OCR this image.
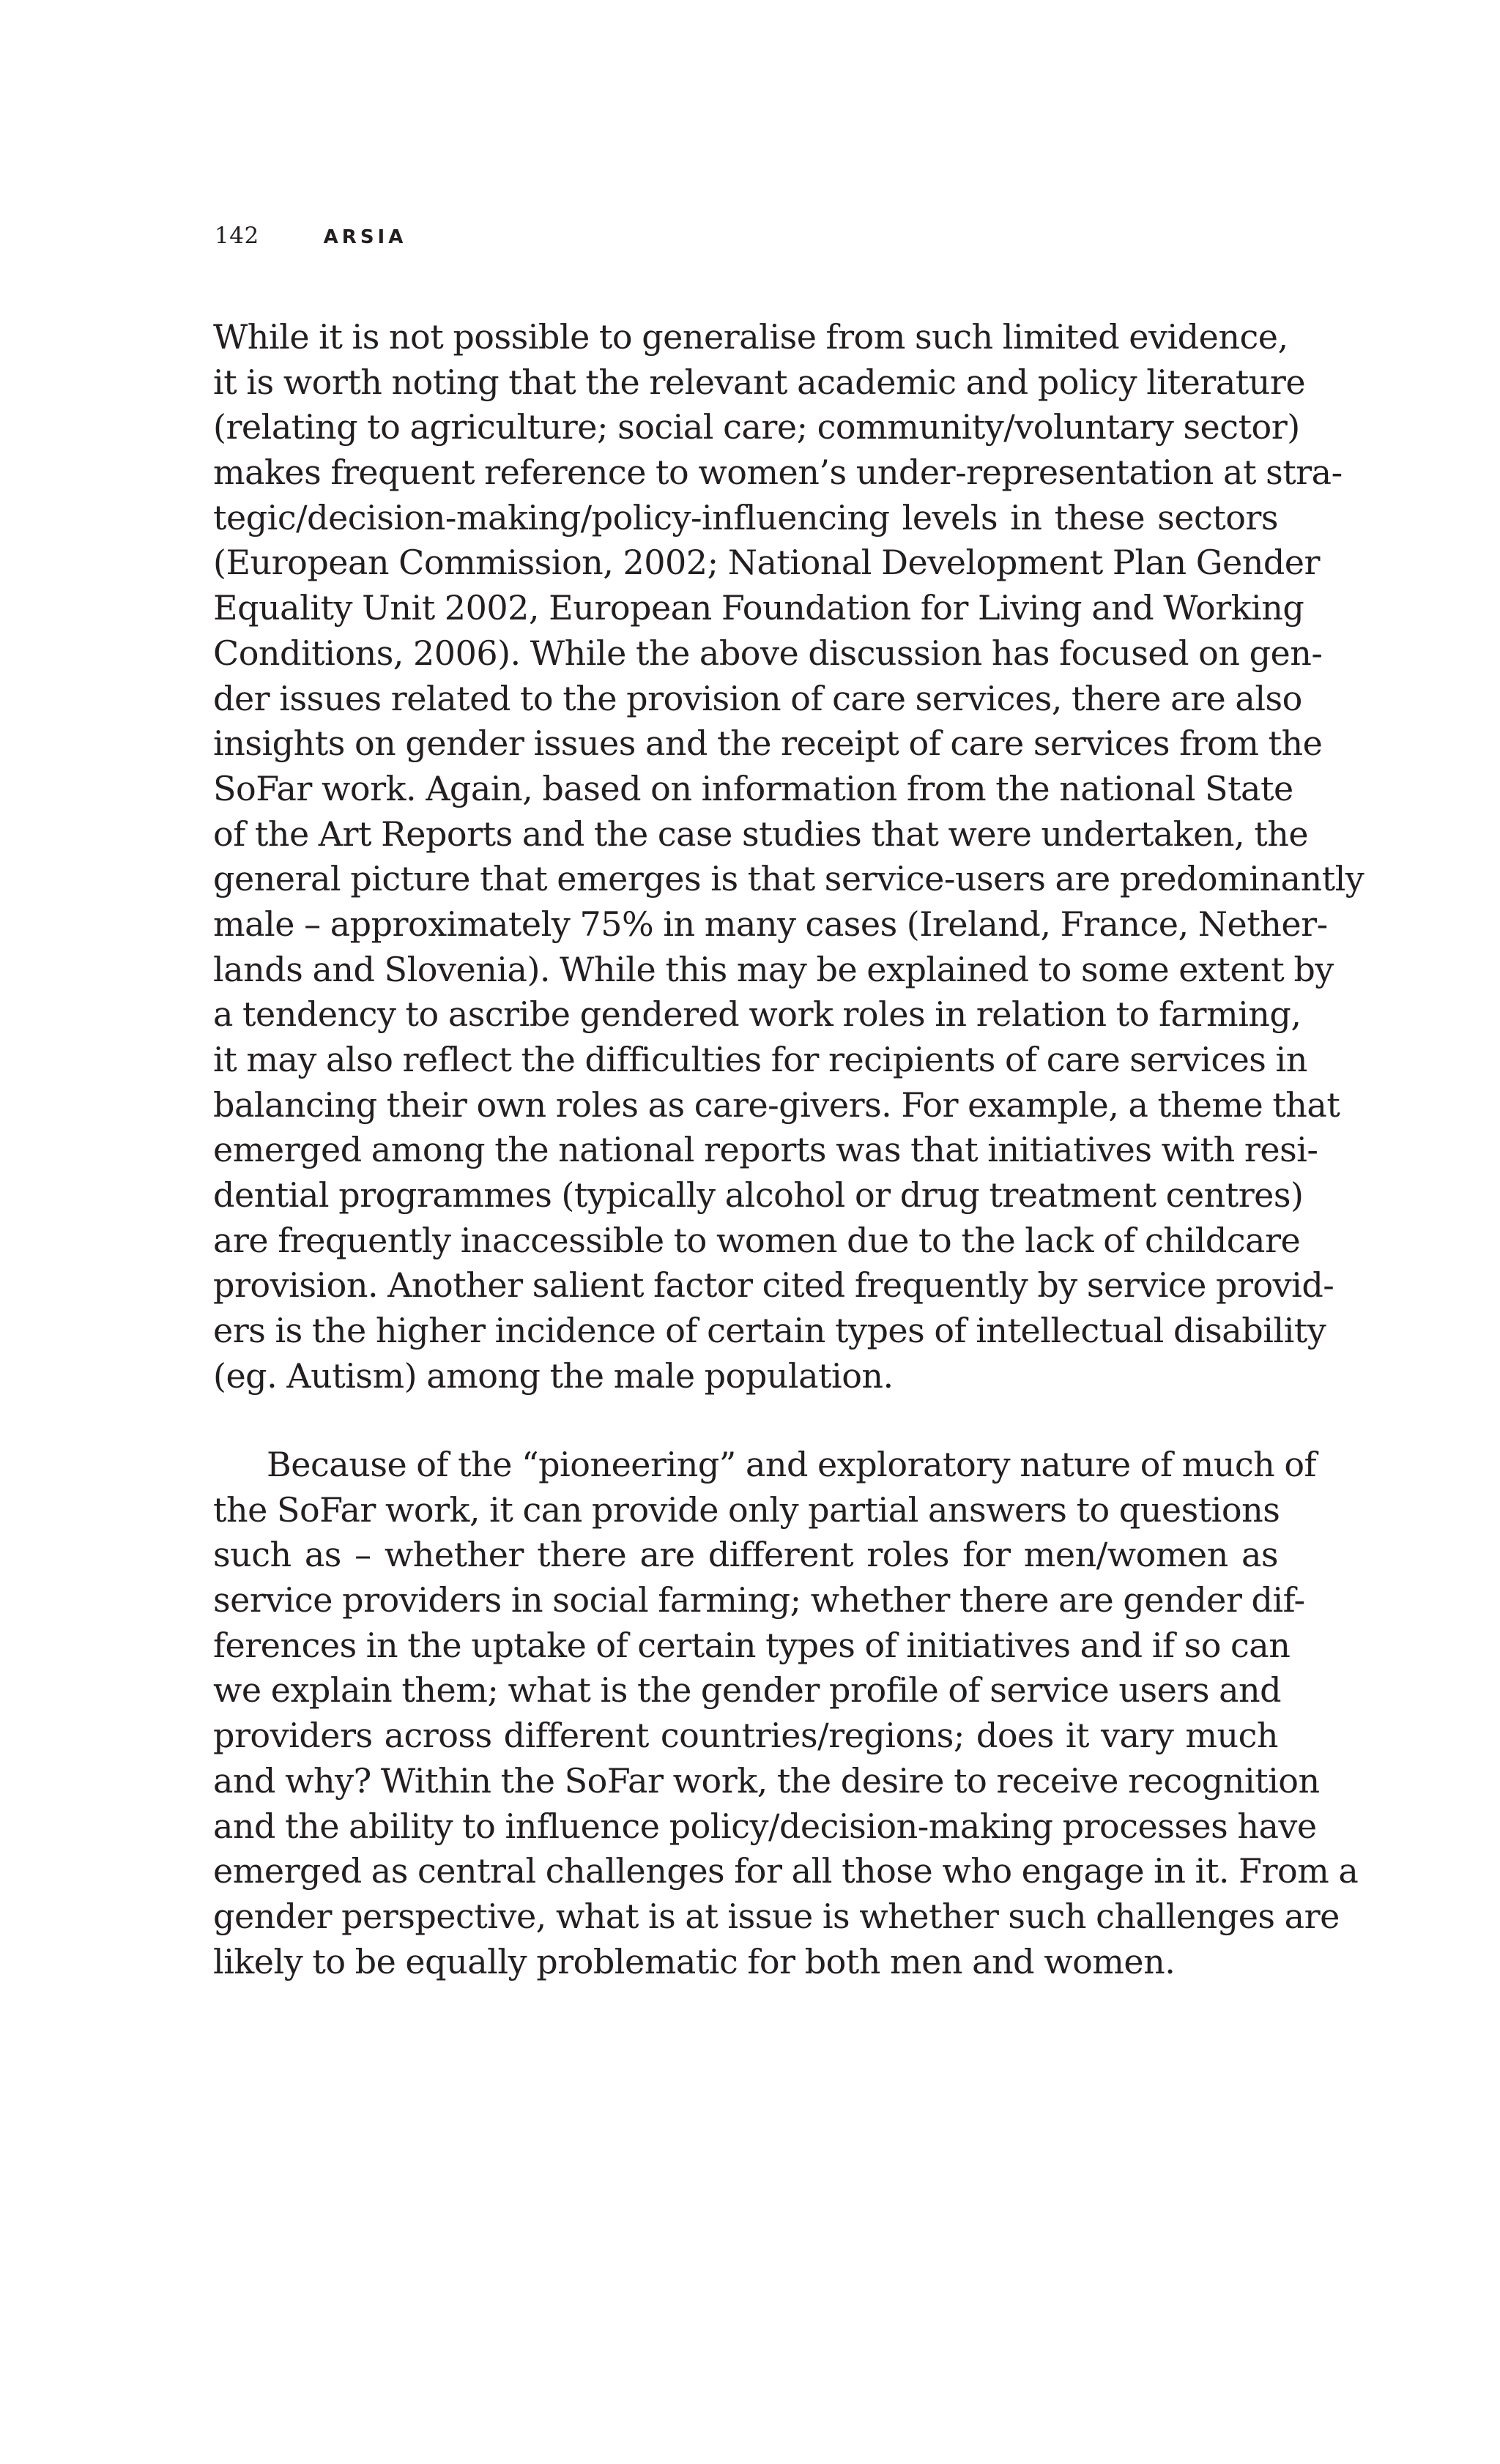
142	ARSIA
While it is not possible to generalise from such limited evidence,
it is worth noting that the relevant academic and policy literature
(relating to agriculture; social care; community/voluntary sector)
makes frequent reference to women’s under-representation at stra-
tegic/decision-making/policy-influencing levels in these sectors
(European Commission, 2002; National Development Plan Gender
Equality Unit 2002, European Foundation for Living and Working
Conditions, 2006). While the above discussion has focused on gen-
der issues related to the provision of care services, there are also
insights on gender issues and the receipt of care services from the
SoFar work. Again, based on information from the national State
of the Art Reports and the case studies that were undertaken, the
general picture that emerges is that service-users are predominantly
male – approximately 75% in many cases (Ireland, France, Nether-
lands and Slovenia). While this may be explained to some extent by
a tendency to ascribe gendered work roles in relation to farming,
it may also reflect the difficulties for recipients of care services in
balancing their own roles as care-givers. For example, a theme that
emerged among the national reports was that initiatives with resi-
dential programmes (typically alcohol or drug treatment centres)
are frequently inaccessible to women due to the lack of childcare
provision. Another salient factor cited frequently by service provid-
ers is the higher incidence of certain types of intellectual disability
(eg. Autism) among the male population.
Because of the “pioneering” and exploratory nature of much of
the SoFar work, it can provide only partial answers to questions
such as – whether there are different roles for men/women as
service providers in social farming; whether there are gender dif-
ferences in the uptake of certain types of initiatives and if so can
we explain them; what is the gender profile of service users and
providers across different countries/regions; does it vary much
and why? Within the SoFar work, the desire to receive recognition
and the ability to influence policy/decision-making processes have
emerged as central challenges for all those who engage in it. From a
gender perspective, what is at issue is whether such challenges are
likely to be equally problematic for both men and women.
